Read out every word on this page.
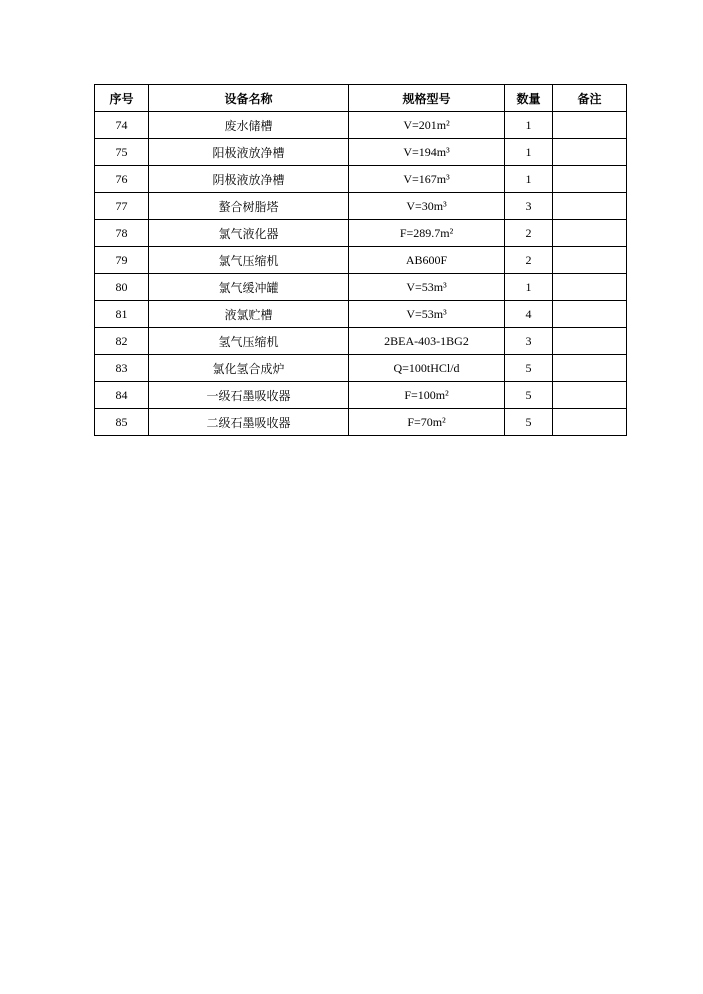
序号	设备名称	规格型号	数量	备注
74	废水储槽	V=201m²	1	
75	阳极液放净槽	V=194m³	1	
76	阴极液放净槽	V=167m³	1	
77	螯合树脂塔	V=30m³	3	
78	氯气液化器	F=289.7m²	2	
79	氯气压缩机	AB600F	2	
80	氯气缓冲罐	V=53m³	1	
81	液氯贮槽	V=53m³	4	
82	氢气压缩机	2BEA-403-1BG2	3	
83	氯化氢合成炉	Q=100tHCl/d	5	
84	一级石墨吸收器	F=100m²	5	
85	二级石墨吸收器	F=70m²	5	
